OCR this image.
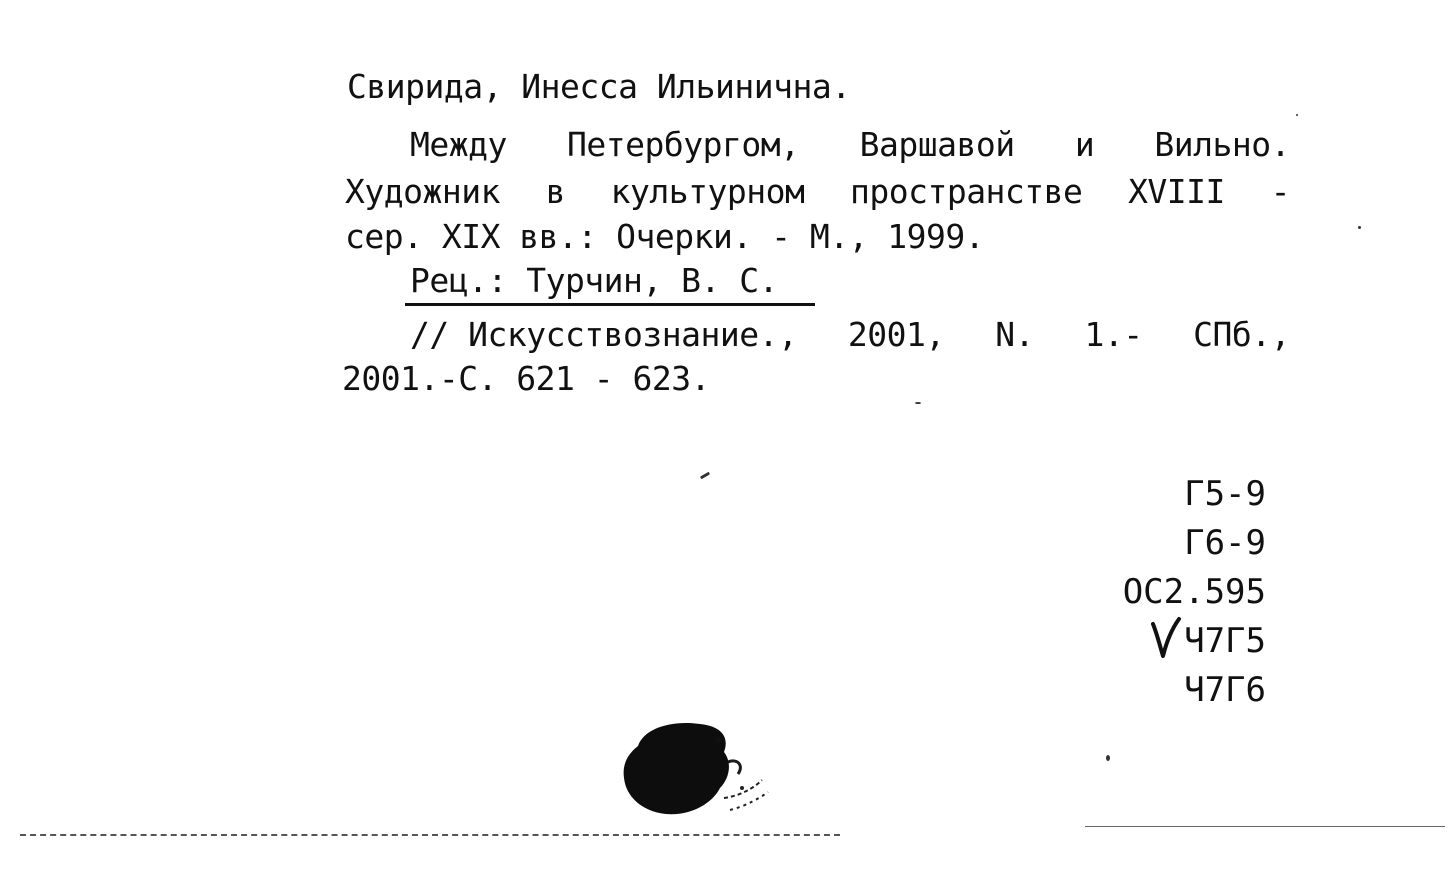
Свирида, Инесса Ильинична.
Между Петербургом, Варшавой и Вильно.
Художник в культурном пространстве XVIII -
сер. XIX вв.: Очерки. - М., 1999.
Рец.: Турчин, В. С.
// Искусствознание., 2001, N. 1.- СПб.,
2001.-С. 621 - 623.
Г5-9
Г6-9
ОС2.595
Ч7Г5
Ч7Г6
